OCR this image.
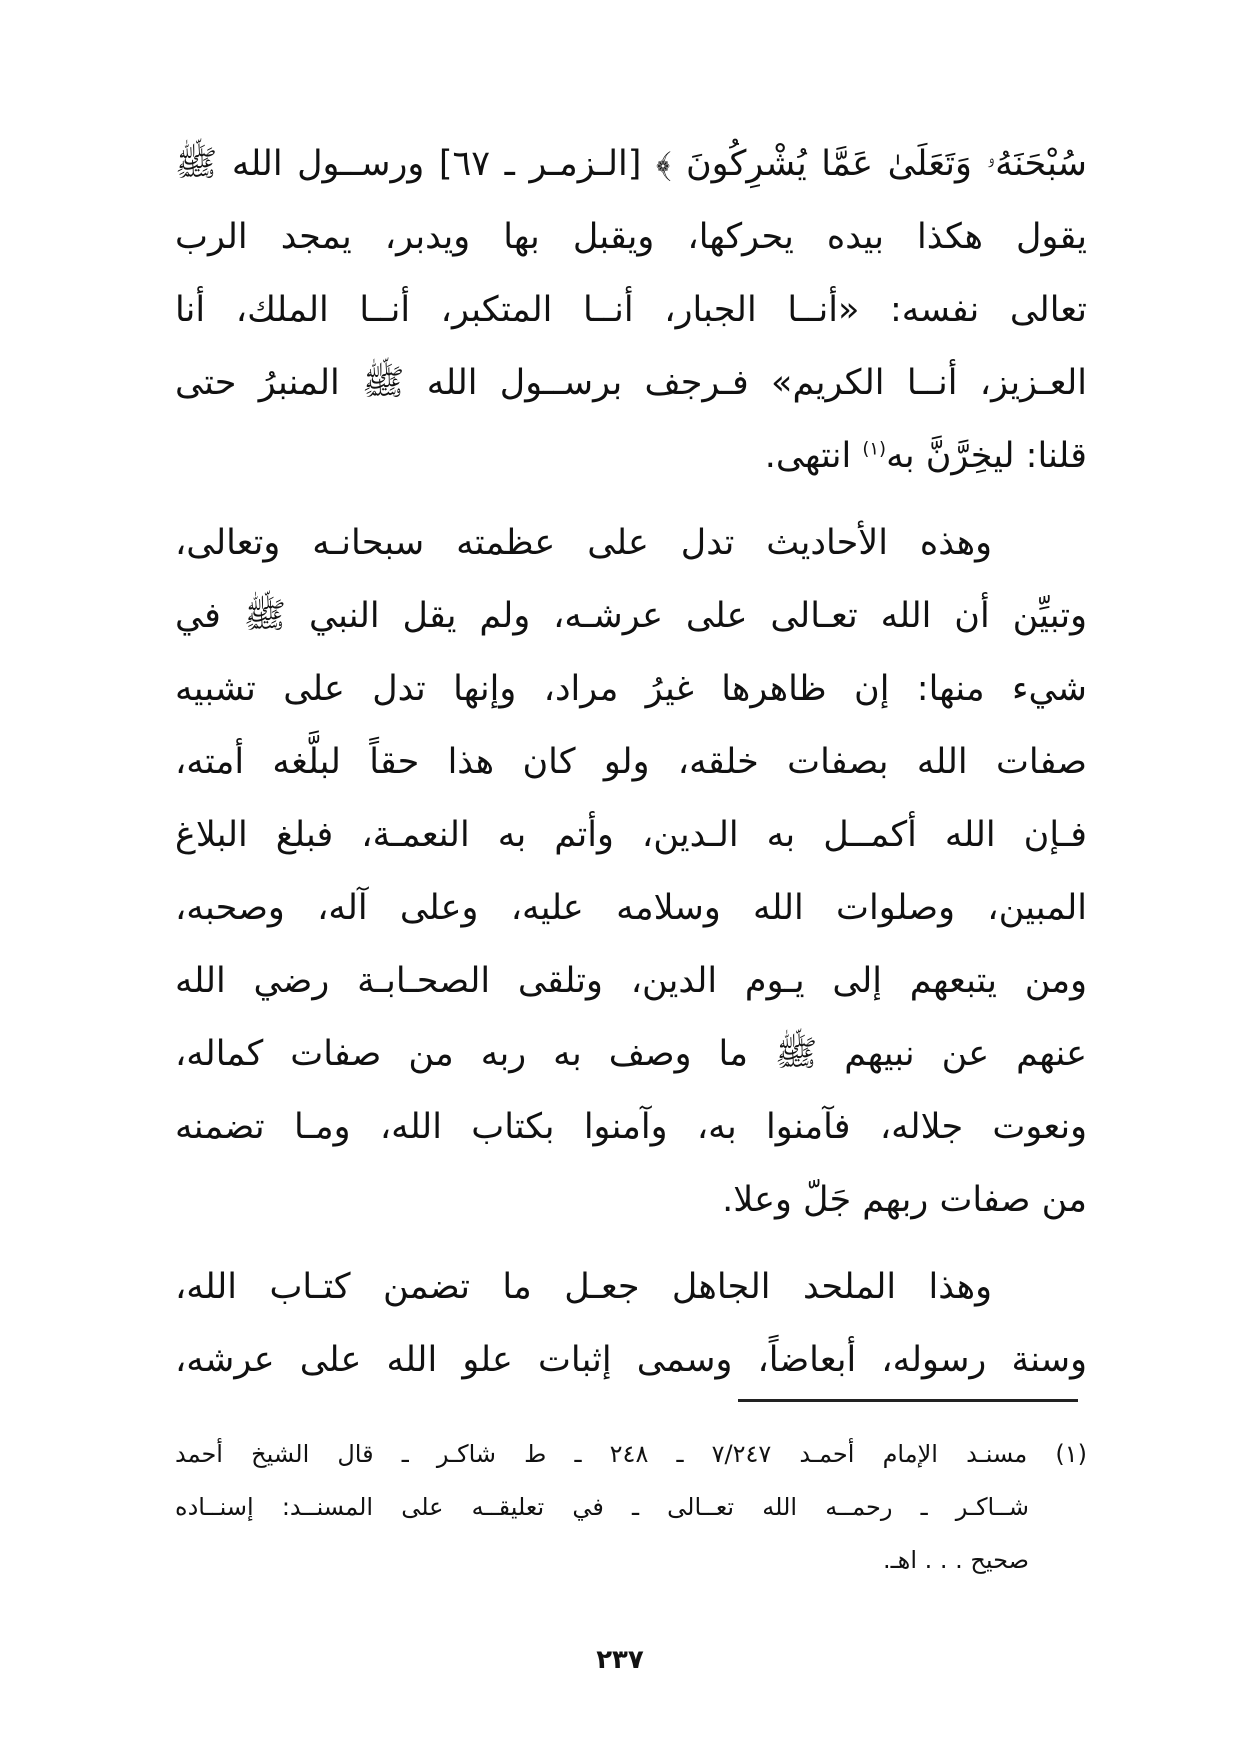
سُبْحَنَهُۥ وَتَعَلَىٰ عَمَّا يُشْرِكُونَ ﴾ [الـزمـر ـ ٦٧] ورســول الله ﷺ
يقول هكذا بيده يحركها، ويقبل بها ويدبر، يمجد الرب
تعالى نفسه: «أنــا الجبار، أنــا المتكبر، أنــا الملك، أنا
العـزيز، أنــا الكريم» فـرجف برســول الله ﷺ المنبرُ حتى
قلنا: ليخِرَّنَّ به$^{(١)}$ انتهى.
وهذه الأحاديث تدل على عظمته سبحانـه وتعالى،
وتبيِّن أن الله تعـالى على عرشـه، ولم يقل النبي ﷺ في
شيء منها: إن ظاهرها غيرُ مراد، وإنها تدل على تشبيه
صفات الله بصفات خلقه، ولو كان هذا حقاً لبلَّغه أمته،
فـإن الله أكمــل به الـدين، وأتم به النعمـة، فبلغ البلاغ
المبين، وصلوات الله وسلامه عليه، وعلى آله، وصحبه،
ومن يتبعهم إلى يـوم الدين، وتلقى الصحـابـة رضي الله
عنهم عن نبيهم ﷺ ما وصف به ربه من صفات كماله،
ونعوت جلاله، فآمنوا به، وآمنوا بكتاب الله، ومـا تضمنه
من صفات ربهم جَلّ وعلا.
وهذا الملحد الجاهل جعـل ما تضمن كتـاب الله،
وسنة رسوله، أبعاضاً، وسمى إثبات علو الله على عرشه،
(١) مسنـد الإمام أحمـد ٧/٢٤٧ ـ ٢٤٨ ـ ط شاكـر ـ قال الشيخ أحمد
شــاكـر ـ رحمــه الله تعــالى ـ في تعليقــه على المسنــد: إسنــاده
صحيح . . . اهـ.
٢٣٧
